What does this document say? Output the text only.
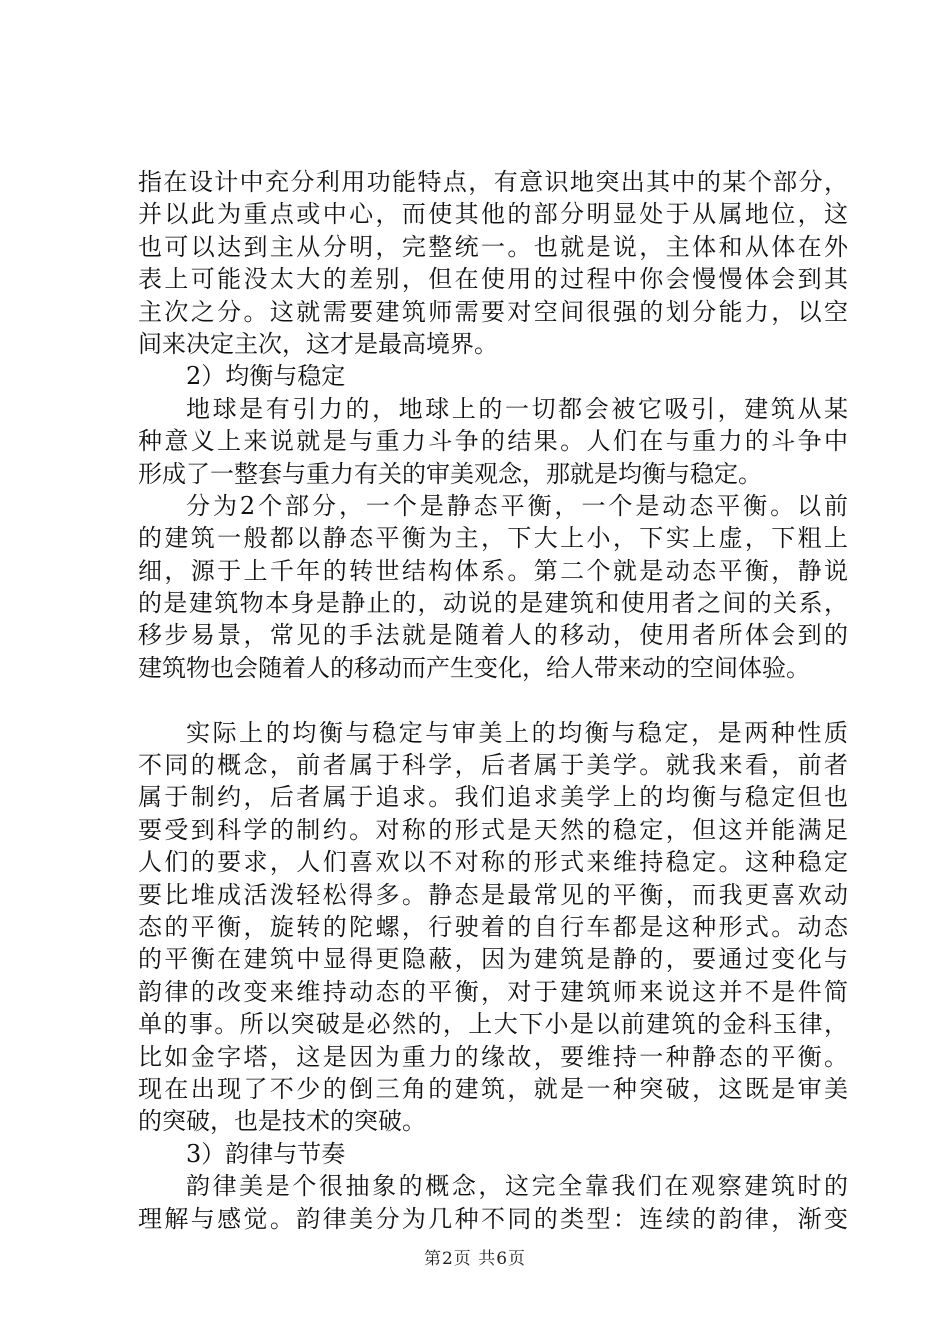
指在设计中充分利用功能特点，有意识地突出其中的某个部分，
并以此为重点或中心，而使其他的部分明显处于从属地位，这
也可以达到主从分明，完整统一。也就是说，主体和从体在外
表上可能没太大的差别，但在使用的过程中你会慢慢体会到其
主次之分。这就需要建筑师需要对空间很强的划分能力，以空
间来决定主次，这才是最高境界。
2）均衡与稳定
地球是有引力的，地球上的一切都会被它吸引，建筑从某
种意义上来说就是与重力斗争的结果。人们在与重力的斗争中
形成了一整套与重力有关的审美观念，那就是均衡与稳定。
分为2个部分，一个是静态平衡，一个是动态平衡。以前
的建筑一般都以静态平衡为主，下大上小，下实上虚，下粗上
细，源于上千年的转世结构体系。第二个就是动态平衡，静说
的是建筑物本身是静止的，动说的是建筑和使用者之间的关系，
移步易景，常见的手法就是随着人的移动，使用者所体会到的
建筑物也会随着人的移动而产生变化，给人带来动的空间体验。
实际上的均衡与稳定与审美上的均衡与稳定，是两种性质
不同的概念，前者属于科学，后者属于美学。就我来看，前者
属于制约，后者属于追求。我们追求美学上的均衡与稳定但也
要受到科学的制约。对称的形式是天然的稳定，但这并能满足
人们的要求，人们喜欢以不对称的形式来维持稳定。这种稳定
要比堆成活泼轻松得多。静态是最常见的平衡，而我更喜欢动
态的平衡，旋转的陀螺，行驶着的自行车都是这种形式。动态
的平衡在建筑中显得更隐蔽，因为建筑是静的，要通过变化与
韵律的改变来维持动态的平衡，对于建筑师来说这并不是件简
单的事。所以突破是必然的，上大下小是以前建筑的金科玉律，
比如金字塔，这是因为重力的缘故，要维持一种静态的平衡。
现在出现了不少的倒三角的建筑，就是一种突破，这既是审美
的突破，也是技术的突破。
3）韵律与节奏
韵律美是个很抽象的概念，这完全靠我们在观察建筑时的
理解与感觉。韵律美分为几种不同的类型：连续的韵律，渐变
第2页 共6页
